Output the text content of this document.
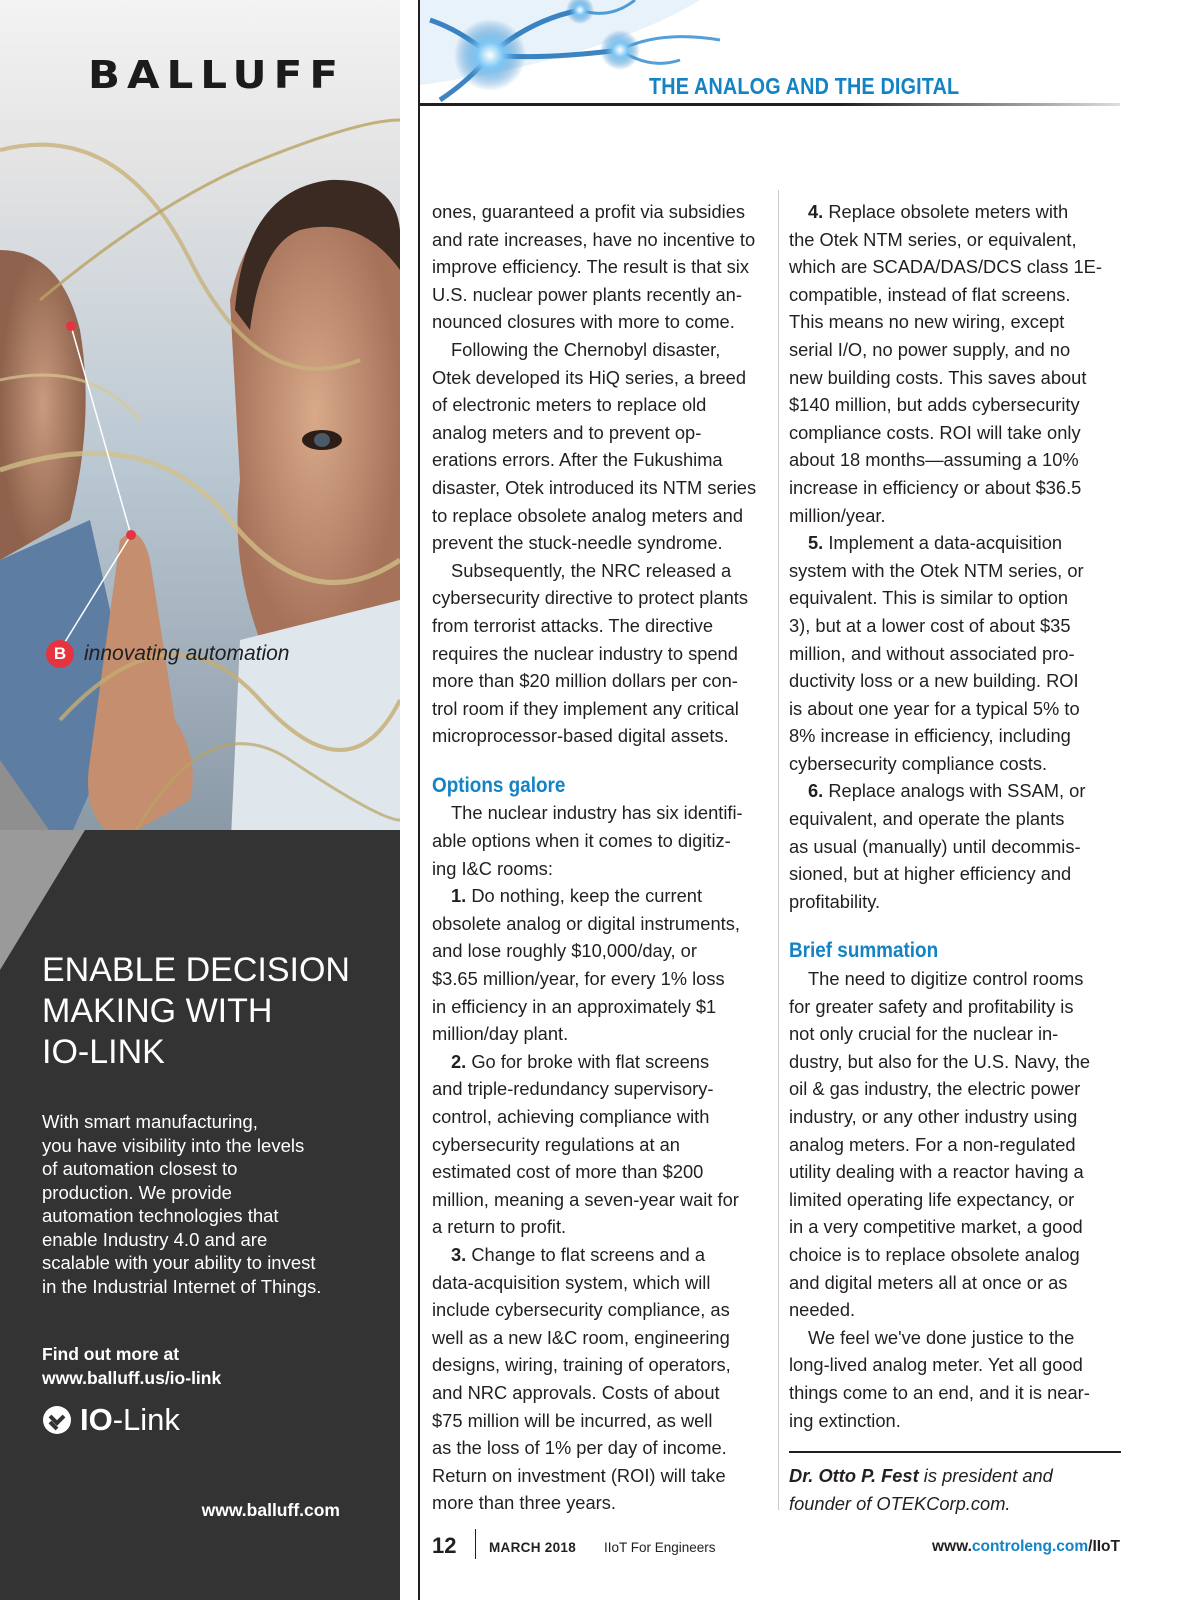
BALLUFF
B innovating automation
ENABLE DECISION
MAKING WITH
IO-LINK
With smart manufacturing,
you have visibility into the levels
of automation closest to
production. We provide
automation technologies that
enable Industry 4.0 and are
scalable with your ability to invest
in the Industrial Internet of Things.
Find out more at
www.balluff.us/io-link
IO-Link
www.balluff.com
THE ANALOG AND THE DIGITAL

ones, guaranteed a profit via subsidies
and rate increases, have no incentive to
improve efficiency. The result is that six
U.S. nuclear power plants recently an-
nounced closures with more to come.

Following the Chernobyl disaster,
Otek developed its HiQ series, a breed
of electronic meters to replace old
analog meters and to prevent op-
erations errors. After the Fukushima
disaster, Otek introduced its NTM series
to replace obsolete analog meters and
prevent the stuck-needle syndrome.

Subsequently, the NRC released a
cybersecurity directive to protect plants
from terrorist attacks. The directive
requires the nuclear industry to spend
more than $20 million dollars per con-
trol room if they implement any critical
microprocessor-based digital assets.

Options galore

The nuclear industry has six identifi-
able options when it comes to digitiz-
ing I&C rooms:

1. Do nothing, keep the current
obsolete analog or digital instruments,
and lose roughly $10,000/day, or
$3.65 million/year, for every 1% loss
in efficiency in an approximately $1
million/day plant.

2. Go for broke with flat screens
and triple-redundancy supervisory-
control, achieving compliance with
cybersecurity regulations at an
estimated cost of more than $200
million, meaning a seven-year wait for
a return to profit.

3. Change to flat screens and a
data-acquisition system, which will
include cybersecurity compliance, as
well as a new I&C room, engineering
designs, wiring, training of operators,
and NRC approvals. Costs of about
$75 million will be incurred, as well
as the loss of 1% per day of income.
Return on investment (ROI) will take
more than three years.

4. Replace obsolete meters with
the Otek NTM series, or equivalent,
which are SCADA/DAS/DCS class 1E-
compatible, instead of flat screens.
This means no new wiring, except
serial I/O, no power supply, and no
new building costs. This saves about
$140 million, but adds cybersecurity
compliance costs. ROI will take only
about 18 months—assuming a 10%
increase in efficiency or about $36.5
million/year.

5. Implement a data-acquisition
system with the Otek NTM series, or
equivalent. This is similar to option
3), but at a lower cost of about $35
million, and without associated pro-
ductivity loss or a new building. ROI
is about one year for a typical 5% to
8% increase in efficiency, including
cybersecurity compliance costs.

6. Replace analogs with SSAM, or
equivalent, and operate the plants
as usual (manually) until decommis-
sioned, but at higher efficiency and
profitability.

Brief summation

The need to digitize control rooms
for greater safety and profitability is
not only crucial for the nuclear in-
dustry, but also for the U.S. Navy, the
oil & gas industry, the electric power
industry, or any other industry using
analog meters. For a non-regulated
utility dealing with a reactor having a
limited operating life expectancy, or
in a very competitive market, a good
choice is to replace obsolete analog
and digital meters all at once or as
needed.

We feel we've done justice to the
long-lived analog meter. Yet all good
things come to an end, and it is near-
ing extinction.

Dr. Otto P. Fest is president and
founder of OTEKCorp.com.
12 MARCH 2018 IIoT For Engineers	www.controleng.com/IIoT
